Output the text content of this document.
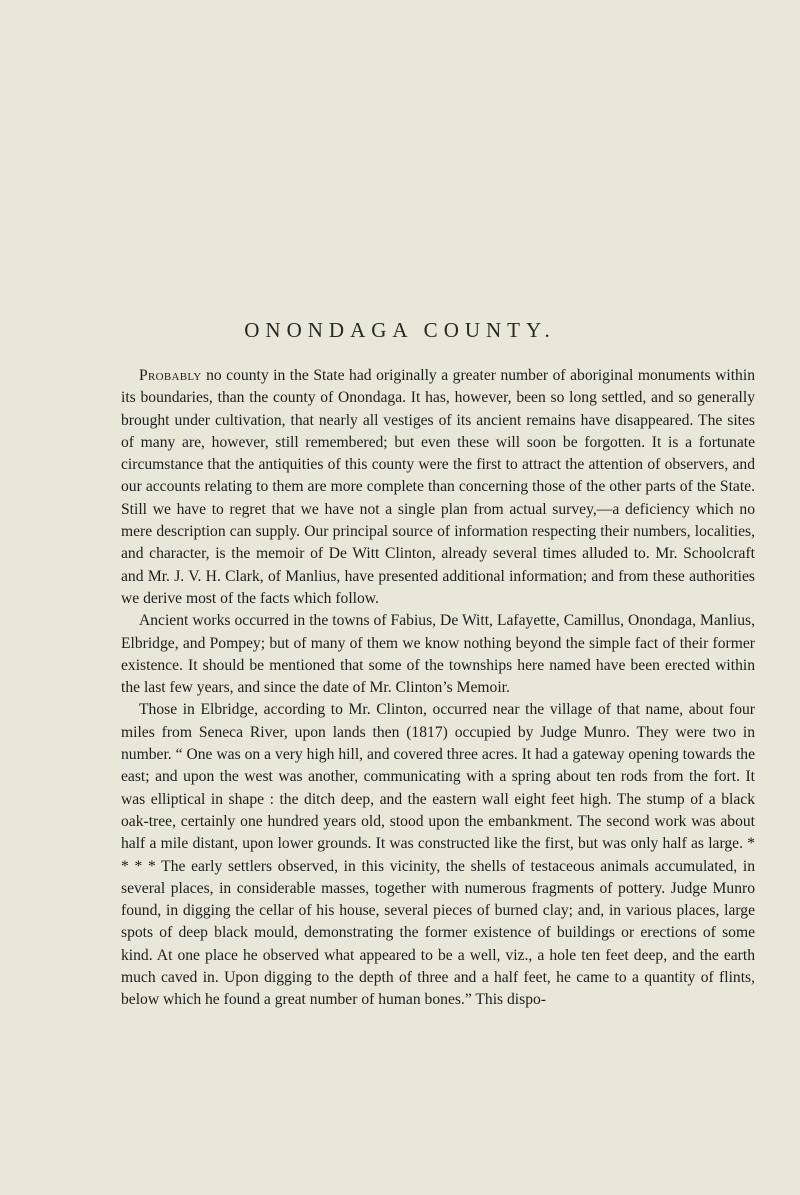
ONONDAGA COUNTY.

Probably no county in the State had originally a greater number of aboriginal monuments within its boundaries, than the county of Onondaga. It has, however, been so long settled, and so generally brought under cultivation, that nearly all vestiges of its ancient remains have disappeared. The sites of many are, however, still remembered; but even these will soon be forgotten. It is a fortunate circumstance that the antiquities of this county were the first to attract the attention of observers, and our accounts relating to them are more complete than concerning those of the other parts of the State. Still we have to regret that we have not a single plan from actual survey,—a deficiency which no mere description can supply. Our principal source of information respecting their numbers, localities, and character, is the memoir of De Witt Clinton, already several times alluded to. Mr. Schoolcraft and Mr. J. V. H. Clark, of Manlius, have presented additional information; and from these authorities we derive most of the facts which follow.

Ancient works occurred in the towns of Fabius, De Witt, Lafayette, Camillus, Onondaga, Manlius, Elbridge, and Pompey; but of many of them we know nothing beyond the simple fact of their former existence. It should be mentioned that some of the townships here named have been erected within the last few years, and since the date of Mr. Clinton’s Memoir.

Those in Elbridge, according to Mr. Clinton, occurred near the village of that name, about four miles from Seneca River, upon lands then (1817) occupied by Judge Munro. They were two in number. “ One was on a very high hill, and covered three acres. It had a gateway opening towards the east; and upon the west was another, communicating with a spring about ten rods from the fort. It was elliptical in shape : the ditch deep, and the eastern wall eight feet high. The stump of a black oak-tree, certainly one hundred years old, stood upon the embankment. The second work was about half a mile distant, upon lower grounds. It was constructed like the first, but was only half as large. * * * * The early settlers observed, in this vicinity, the shells of testaceous animals accumulated, in several places, in considerable masses, together with numerous fragments of pottery. Judge Munro found, in digging the cellar of his house, several pieces of burned clay; and, in various places, large spots of deep black mould, demonstrating the former existence of buildings or erections of some kind. At one place he observed what appeared to be a well, viz., a hole ten feet deep, and the earth much caved in. Upon digging to the depth of three and a half feet, he came to a quantity of flints, below which he found a great number of human bones.” This dispo-
